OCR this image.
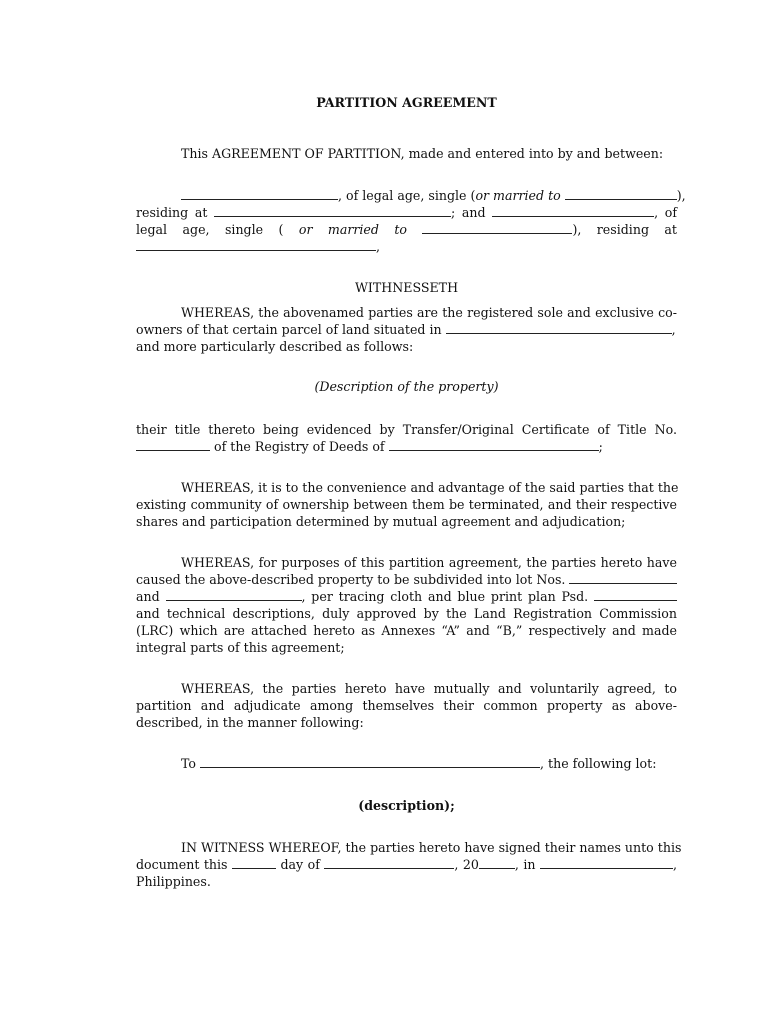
PARTITION AGREEMENT
This AGREEMENT OF PARTITION, made and entered into by and between:
, of legal age, single (or married to	),
residing at	; and	, of
legal age, single ( or married to	), residing at
,
WITHNESSETH
WHEREAS, the abovenamed parties are the registered sole and exclusive co-
owners of that certain parcel of land situated in	,
and more particularly described as follows:
(Description of the property)
their title thereto being evidenced by Transfer/Original Certificate of Title No.
of the Registry of Deeds of	;
WHEREAS, it is to the convenience and advantage of the said parties that the
existing community of ownership between them be terminated, and their respective
shares and participation determined by mutual agreement and adjudication;
WHEREAS, for purposes of this partition agreement, the parties hereto have
caused the above-described property to be subdivided into lot Nos.
and	, per tracing cloth and blue print plan Psd.
and technical descriptions, duly approved by the Land Registration Commission
(LRC) which are attached hereto as Annexes “A” and “B,” respectively and made
integral parts of this agreement;
WHEREAS, the parties hereto have mutually and voluntarily agreed, to
partition and adjudicate among themselves their common property as above-
described, in the manner following:
To	, the following lot:
(description);
IN WITNESS WHEREOF, the parties hereto have signed their names unto this
document this	day of	, 20	, in	,
Philippines.
